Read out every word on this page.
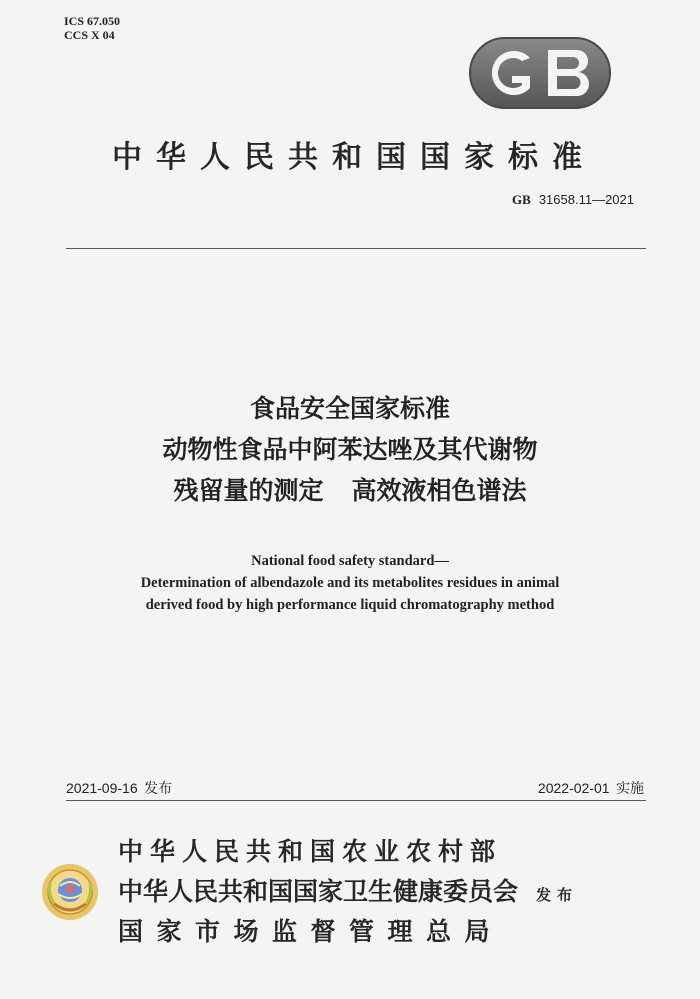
ICS 67.050
CCS X 04
中华人民共和国国家标准
GB 31658.11—2021
食品安全国家标准
动物性食品中阿苯达唑及其代谢物
残留量的测定 高效液相色谱法
National food safety standard—
Determination of albendazole and its metabolites residues in animal
derived food by high performance liquid chromatography method
2021-09-16 发布	2022-02-01 实施
中华人民共和国农业农村部
中华人民共和国国家卫生健康委员会 发布
国家市场监督管理总局
